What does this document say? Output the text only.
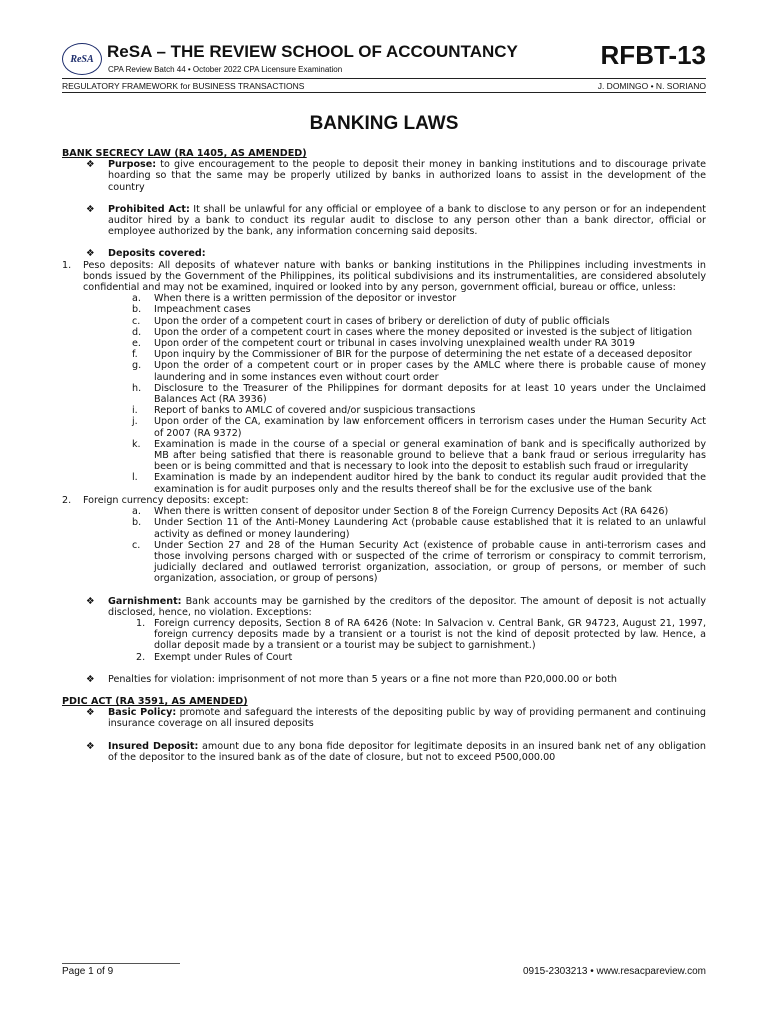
ReSA ReSA – THE REVIEW SCHOOL OF ACCOUNTANCY
CPA Review Batch 44 • October 2022 CPA Licensure Examination	RFBT-13
REGULATORY FRAMEWORK for BUSINESS TRANSACTIONS	J. DOMINGO • N. SORIANO
BANKING LAWS
BANK SECRECY LAW (RA 1405, AS AMENDED)
❖ Purpose: to give encouragement to the people to deposit their money in banking institutions and to discourage private hoarding so that the same may be properly utilized by banks in authorized loans to assist in the development of the country
❖ Prohibited Act: It shall be unlawful for any official or employee of a bank to disclose to any person or for an independent auditor hired by a bank to conduct its regular audit to disclose to any person other than a bank director, official or employee authorized by the bank, any information concerning said deposits.
❖ Deposits covered:
1. Peso deposits: All deposits of whatever nature with banks or banking institutions in the Philippines including investments in bonds issued by the Government of the Philippines, its political subdivisions and its instrumentalities, are considered absolutely confidential and may not be examined, inquired or looked into by any person, government official, bureau or office, unless:
a. When there is a written permission of the depositor or investor
b. Impeachment cases
c. Upon the order of a competent court in cases of bribery or dereliction of duty of public officials
d. Upon the order of a competent court in cases where the money deposited or invested is the subject of litigation
e. Upon order of the competent court or tribunal in cases involving unexplained wealth under RA 3019
f. Upon inquiry by the Commissioner of BIR for the purpose of determining the net estate of a deceased depositor
g. Upon the order of a competent court or in proper cases by the AMLC where there is probable cause of money laundering and in some instances even without court order
h. Disclosure to the Treasurer of the Philippines for dormant deposits for at least 10 years under the Unclaimed Balances Act (RA 3936)
i. Report of banks to AMLC of covered and/or suspicious transactions
j. Upon order of the CA, examination by law enforcement officers in terrorism cases under the Human Security Act of 2007 (RA 9372)
k. Examination is made in the course of a special or general examination of bank and is specifically authorized by MB after being satisfied that there is reasonable ground to believe that a bank fraud or serious irregularity has been or is being committed and that is necessary to look into the deposit to establish such fraud or irregularity
l. Examination is made by an independent auditor hired by the bank to conduct its regular audit provided that the examination is for audit purposes only and the results thereof shall be for the exclusive use of the bank
2. Foreign currency deposits: except:
a. When there is written consent of depositor under Section 8 of the Foreign Currency Deposits Act (RA 6426)
b. Under Section 11 of the Anti-Money Laundering Act (probable cause established that it is related to an unlawful activity as defined or money laundering)
c. Under Section 27 and 28 of the Human Security Act (existence of probable cause in anti-terrorism cases and those involving persons charged with or suspected of the crime of terrorism or conspiracy to commit terrorism, judicially declared and outlawed terrorist organization, association, or group of persons, or member of such organization, association, or group of persons)
❖ Garnishment: Bank accounts may be garnished by the creditors of the depositor. The amount of deposit is not actually disclosed, hence, no violation. Exceptions:
1. Foreign currency deposits, Section 8 of RA 6426 (Note: In Salvacion v. Central Bank, GR 94723, August 21, 1997, foreign currency deposits made by a transient or a tourist is not the kind of deposit protected by law. Hence, a dollar deposit made by a transient or a tourist may be subject to garnishment.)
2. Exempt under Rules of Court
❖ Penalties for violation: imprisonment of not more than 5 years or a fine not more than P20,000.00 or both
PDIC ACT (RA 3591, AS AMENDED)
❖ Basic Policy: promote and safeguard the interests of the depositing public by way of providing permanent and continuing insurance coverage on all insured deposits
❖ Insured Deposit: amount due to any bona fide depositor for legitimate deposits in an insured bank net of any obligation of the depositor to the insured bank as of the date of closure, but not to exceed P500,000.00
Page 1 of 9	0915-2303213 • www.resacpareview.com
